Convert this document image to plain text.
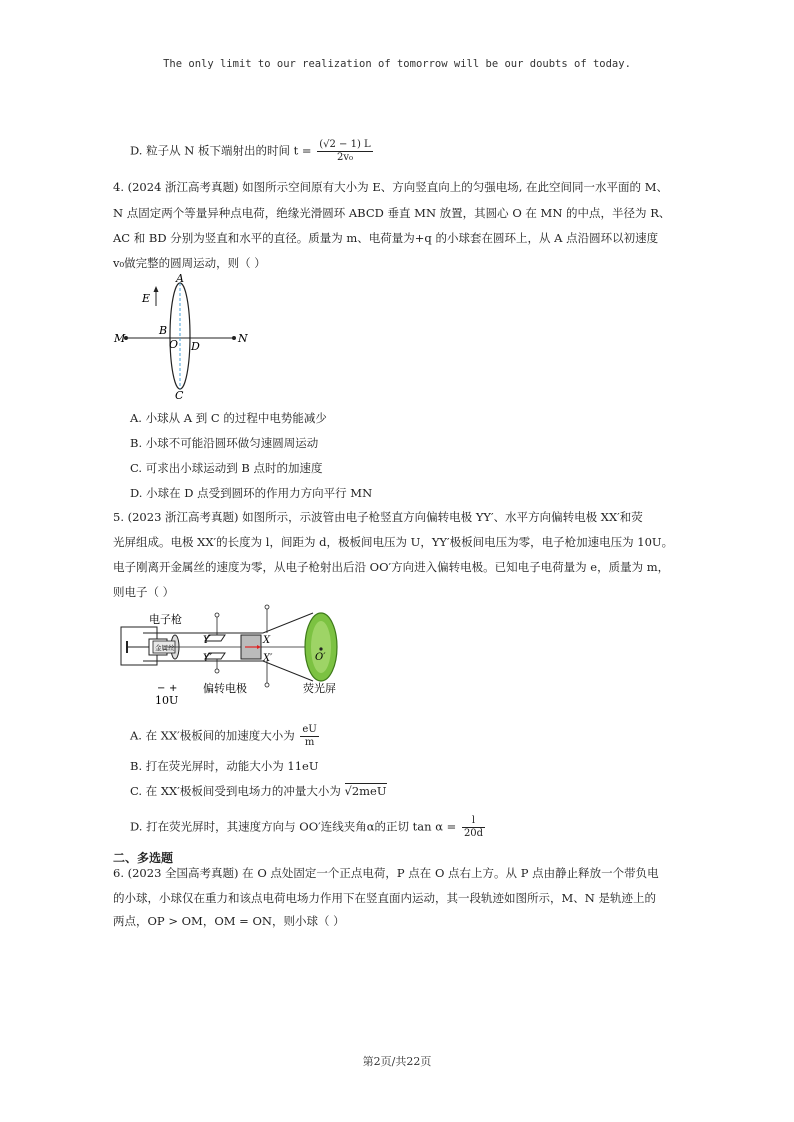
The only limit to our realization of tomorrow will be our doubts of today.
D. 粒子从 N 板下端射出的时间 $t = \frac{(√2 - 1) L}{\text{2v₀}}$
4. (2024 浙江高考真题) 如图所示空间原有大小为 E、方向竖直向上的匀强电场, 在此空间同一水平面的 M、
N 点固定两个等量异种点电荷，绝缘光滑圆环 ABCD 垂直 MN 放置，其圆心 O 在 MN 的中点，半径为 R、
AC 和 BD 分别为竖直和水平的直径。质量为 m、电荷量为+q 的小球套在圆环上，从 A 点沿圆环以初速度
v₀做完整的圆周运动，则（ ）
E
A
B
O D
C
M	N
A. 小球从 A 到 C 的过程中电势能减少
B. 小球不可能沿圆环做匀速圆周运动
C. 可求出小球运动到 B 点时的加速度
D. 小球在 D 点受到圆环的作用力方向平行 MN
5. (2023 浙江高考真题) 如图所示，示波管由电子枪竖直方向偏转电极 YY′、水平方向偏转电极 XX′和荧
光屏组成。电极 XX′的长度为 l，间距为 d，极板间电压为 U，YY′极板间电压为零，电子枪加速电压为 10U。
电子刚离开金属丝的速度为零，从电子枪射出后沿 OO′方向进入偏转电极。已知电子电荷量为 e，质量为 m，
则电子（ ）
金属丝
电子枪
Y
Y′
X
X′	O′
偏转电极	荧光屏
− +
10U
A. 在 XX′极板间的加速度大小为 $\frac{eU}{m}$
B. 打在荧光屏时，动能大小为 11eU
C. 在 XX′极板间受到电场力的冲量大小为 √2meU
D. 打在荧光屏时，其速度方向与 OO′连线夹角α的正切 $\tan \alpha = \frac{l}{20d}$
二、多选题
6. (2023 全国高考真题) 在 O 点处固定一个正点电荷，P 点在 O 点右上方。从 P 点由静止释放一个带负电
的小球，小球仅在重力和该点电荷电场力作用下在竖直面内运动，其一段轨迹如图所示，M、N 是轨迹上的
两点，OP > OM，OM = ON，则小球（ ）
第2页/共22页
